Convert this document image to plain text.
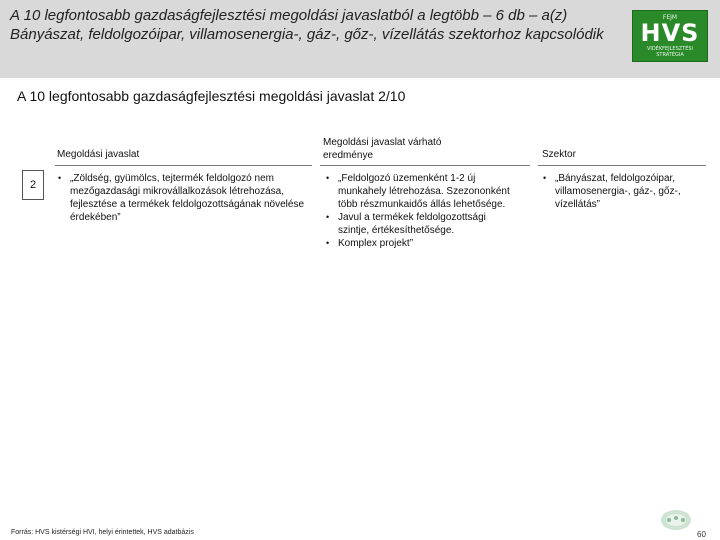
A 10 legfontosabb gazdaságfejlesztési megoldási javaslatból a legtöbb – 6 db – a(z) Bányászat, feldolgozóipar, villamosenergia-, gáz-, gőz-, vízellátás szektorhoz kapcsolódik
FEJM
HVS
VIDÉKFEJLESZTÉSI STRATÉGIA
A 10 legfontosabb gazdaságfejlesztési megoldási javaslat 2/10
Megoldási javaslat
Megoldási javaslat várható eredménye	Szektor
2
• „Zöldség, gyümölcs, tejtermék feldolgozó nem mezőgazdasági mikrovállalkozások létrehozása, fejlesztése a termékek feldolgozottságának növelése érdekében”
• „Feldolgozó üzemenként 1-2 új munkahely létrehozása. Szezononként több részmunkaidős állás lehetősége.
• Javul a termékek feldolgozottsági szintje, értékesíthetősége.
• Komplex projekt”
• „Bányászat, feldolgozóipar, villamosenergia-, gáz-, gőz-, vízellátás”
Forrás: HVS kistérségi HVI, helyi érintettek, HVS adatbázis	60
